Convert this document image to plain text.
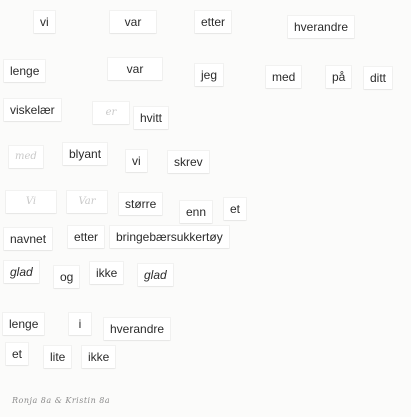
vi	var	etter	hverandre
lenge	var	jeg	med	på	ditt
viskelær	er	hvitt
med	blyant	vi	skrev
Vi	Var	større
enn	et
navnet	etter	bringebærsukkertøy
glad	og	ikke	glad
lenge	i	hverandre
et	lite	ikke
Ronja 8a & Kristin 8a
